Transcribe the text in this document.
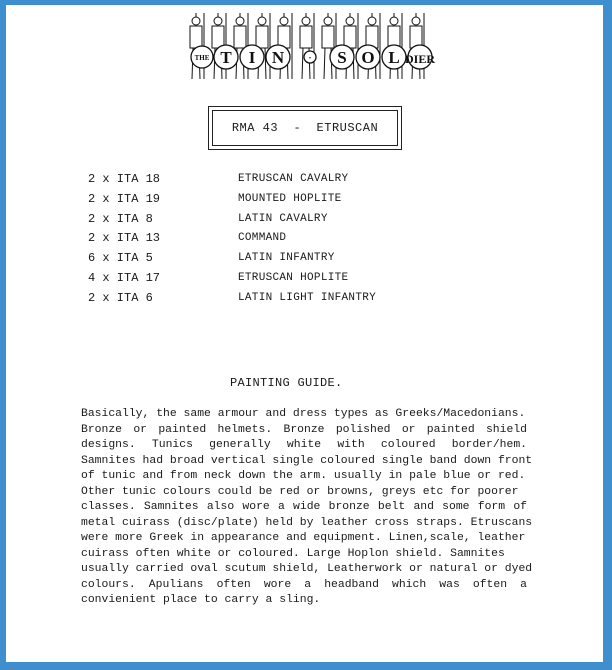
THE T I N	· S O L DIER
RMA 43  -  ETRUSCAN
2 x ITA 18	ETRUSCAN CAVALRY
2 x ITA 19	MOUNTED HOPLITE
2 x ITA 8	LATIN CAVALRY
2 x ITA 13	COMMAND
6 x ITA 5	LATIN INFANTRY
4 x ITA 17	ETRUSCAN HOPLITE
2 x ITA 6	LATIN LIGHT INFANTRY
PAINTING GUIDE.
Basically, the same armour and dress types as Greeks/Macedonians.
Bronze or painted helmets. Bronze polished or painted shield
designs. Tunics generally white with coloured border/hem.
Samnites had broad vertical single coloured single band down front
of tunic and from neck down the arm. usually in pale blue or red.
Other tunic colours could be red or browns, greys etc for poorer
classes. Samnites also wore a wide bronze belt and some form of
metal cuirass (disc/plate) held by leather cross straps. Etruscans
were more Greek in appearance and equipment. Linen,scale, leather
cuirass often white or coloured. Large Hoplon shield. Samnites
usually carried oval scutum shield, Leatherwork or natural or dyed
colours. Apulians often wore a headband which was often a
convienient place to carry a sling.
